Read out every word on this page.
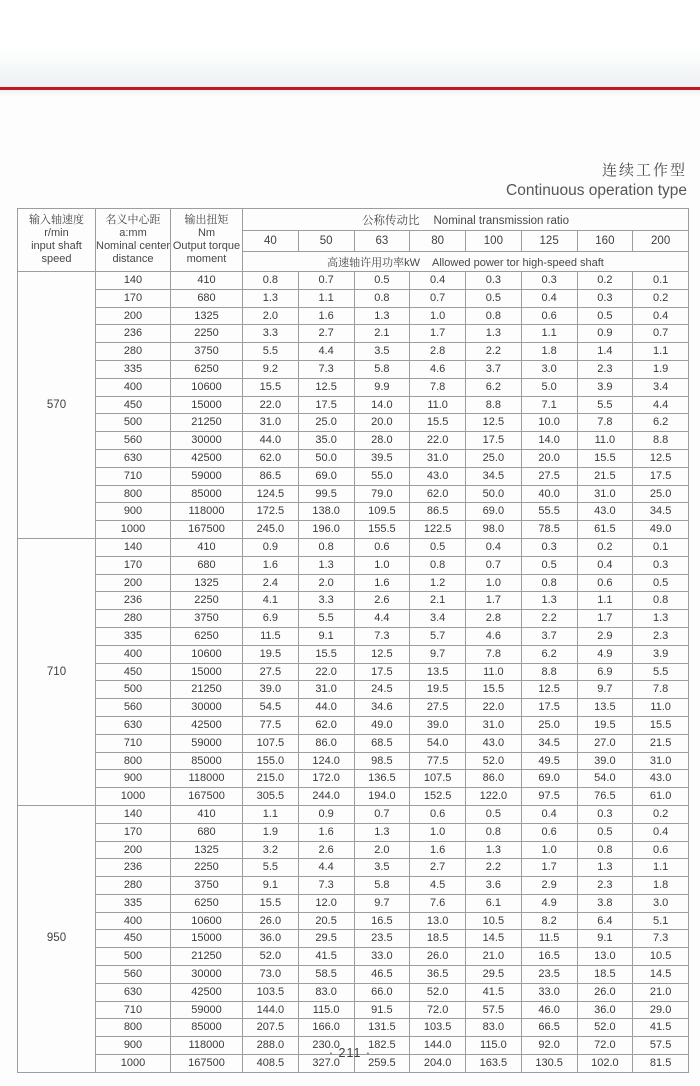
连续工作型
Continuous operation type
输入轴速度
r/min
input shaft
speed

名义中心距
a:mm
Nominal center
distance

输出扭矩
Nm
Output torque
moment
	公称传动比 Nominal transmission ratio
			40	50	63	80	100	125	160	200
			高速轴许用功率kW Allowed power tor high-speed shaft							
570	140	410	0.8	0.7	0.5	0.4	0.3	0.3	0.2	0.1
	170	680	1.3	1.1	0.8	0.7	0.5	0.4	0.3	0.2
	200	1325	2.0	1.6	1.3	1.0	0.8	0.6	0.5	0.4
	236	2250	3.3	2.7	2.1	1.7	1.3	1.1	0.9	0.7
	280	3750	5.5	4.4	3.5	2.8	2.2	1.8	1.4	1.1
	335	6250	9.2	7.3	5.8	4.6	3.7	3.0	2.3	1.9
	400	10600	15.5	12.5	9.9	7.8	6.2	5.0	3.9	3.4
	450	15000	22.0	17.5	14.0	11.0	8.8	7.1	5.5	4.4
	500	21250	31.0	25.0	20.0	15.5	12.5	10.0	7.8	6.2
	560	30000	44.0	35.0	28.0	22.0	17.5	14.0	11.0	8.8
	630	42500	62.0	50.0	39.5	31.0	25.0	20.0	15.5	12.5
	710	59000	86.5	69.0	55.0	43.0	34.5	27.5	21.5	17.5
	800	85000	124.5	99.5	79.0	62.0	50.0	40.0	31.0	25.0
	900	118000	172.5	138.0	109.5	86.5	69.0	55.5	43.0	34.5
	1000	167500	245.0	196.0	155.5	122.5	98.0	78.5	61.5	49.0
710	140	410	0.9	0.8	0.6	0.5	0.4	0.3	0.2	0.1
	170	680	1.6	1.3	1.0	0.8	0.7	0.5	0.4	0.3
	200	1325	2.4	2.0	1.6	1.2	1.0	0.8	0.6	0.5
	236	2250	4.1	3.3	2.6	2.1	1.7	1.3	1.1	0.8
	280	3750	6.9	5.5	4.4	3.4	2.8	2.2	1.7	1.3
	335	6250	11.5	9.1	7.3	5.7	4.6	3.7	2.9	2.3
	400	10600	19.5	15.5	12.5	9.7	7.8	6.2	4.9	3.9
	450	15000	27.5	22.0	17.5	13.5	11.0	8.8	6.9	5.5
	500	21250	39.0	31.0	24.5	19.5	15.5	12.5	9.7	7.8
	560	30000	54.5	44.0	34.6	27.5	22.0	17.5	13.5	11.0
	630	42500	77.5	62.0	49.0	39.0	31.0	25.0	19.5	15.5
	710	59000	107.5	86.0	68.5	54.0	43.0	34.5	27.0	21.5
	800	85000	155.0	124.0	98.5	77.5	52.0	49.5	39.0	31.0
	900	118000	215.0	172.0	136.5	107.5	86.0	69.0	54.0	43.0
	1000	167500	305.5	244.0	194.0	152.5	122.0	97.5	76.5	61.0
950	140	410	1.1	0.9	0.7	0.6	0.5	0.4	0.3	0.2
	170	680	1.9	1.6	1.3	1.0	0.8	0.6	0.5	0.4
	200	1325	3.2	2.6	2.0	1.6	1.3	1.0	0.8	0.6
	236	2250	5.5	4.4	3.5	2.7	2.2	1.7	1.3	1.1
	280	3750	9.1	7.3	5.8	4.5	3.6	2.9	2.3	1.8
	335	6250	15.5	12.0	9.7	7.6	6.1	4.9	3.8	3.0
	400	10600	26.0	20.5	16.5	13.0	10.5	8.2	6.4	5.1
	450	15000	36.0	29.5	23.5	18.5	14.5	11.5	9.1	7.3
	500	21250	52.0	41.5	33.0	26.0	21.0	16.5	13.0	10.5
	560	30000	73.0	58.5	46.5	36.5	29.5	23.5	18.5	14.5
	630	42500	103.5	83.0	66.0	52.0	41.5	33.0	26.0	21.0
	710	59000	144.0	115.0	91.5	72.0	57.5	46.0	36.0	29.0
	800	85000	207.5	166.0	131.5	103.5	83.0	66.5	52.0	41.5
	900	118000	288.0	230.0	182.5	144.0	115.0	92.0	72.0	57.5
	1000	167500	408.5	327.0	259.5	204.0	163.5	130.5	102.0	81.5
· 211 ·
